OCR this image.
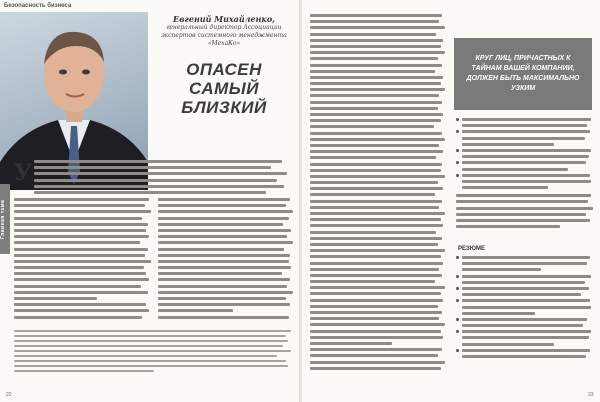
Безопасность бизнеса
Евгений Михайленко,
генеральный директор Ассоциации экспертов системного менеджмента «МехаКо»
ОПАСЕН САМЫЙ БЛИЗКИЙ
Главная тема
У
22
КРУГ ЛИЦ, ПРИЧАСТНЫХ К ТАЙНАМ ВАШЕЙ КОМПАНИИ, ДОЛЖЕН БЫТЬ МАКСИМАЛЬНО УЗКИМ
РЕЗЮМЕ
23
